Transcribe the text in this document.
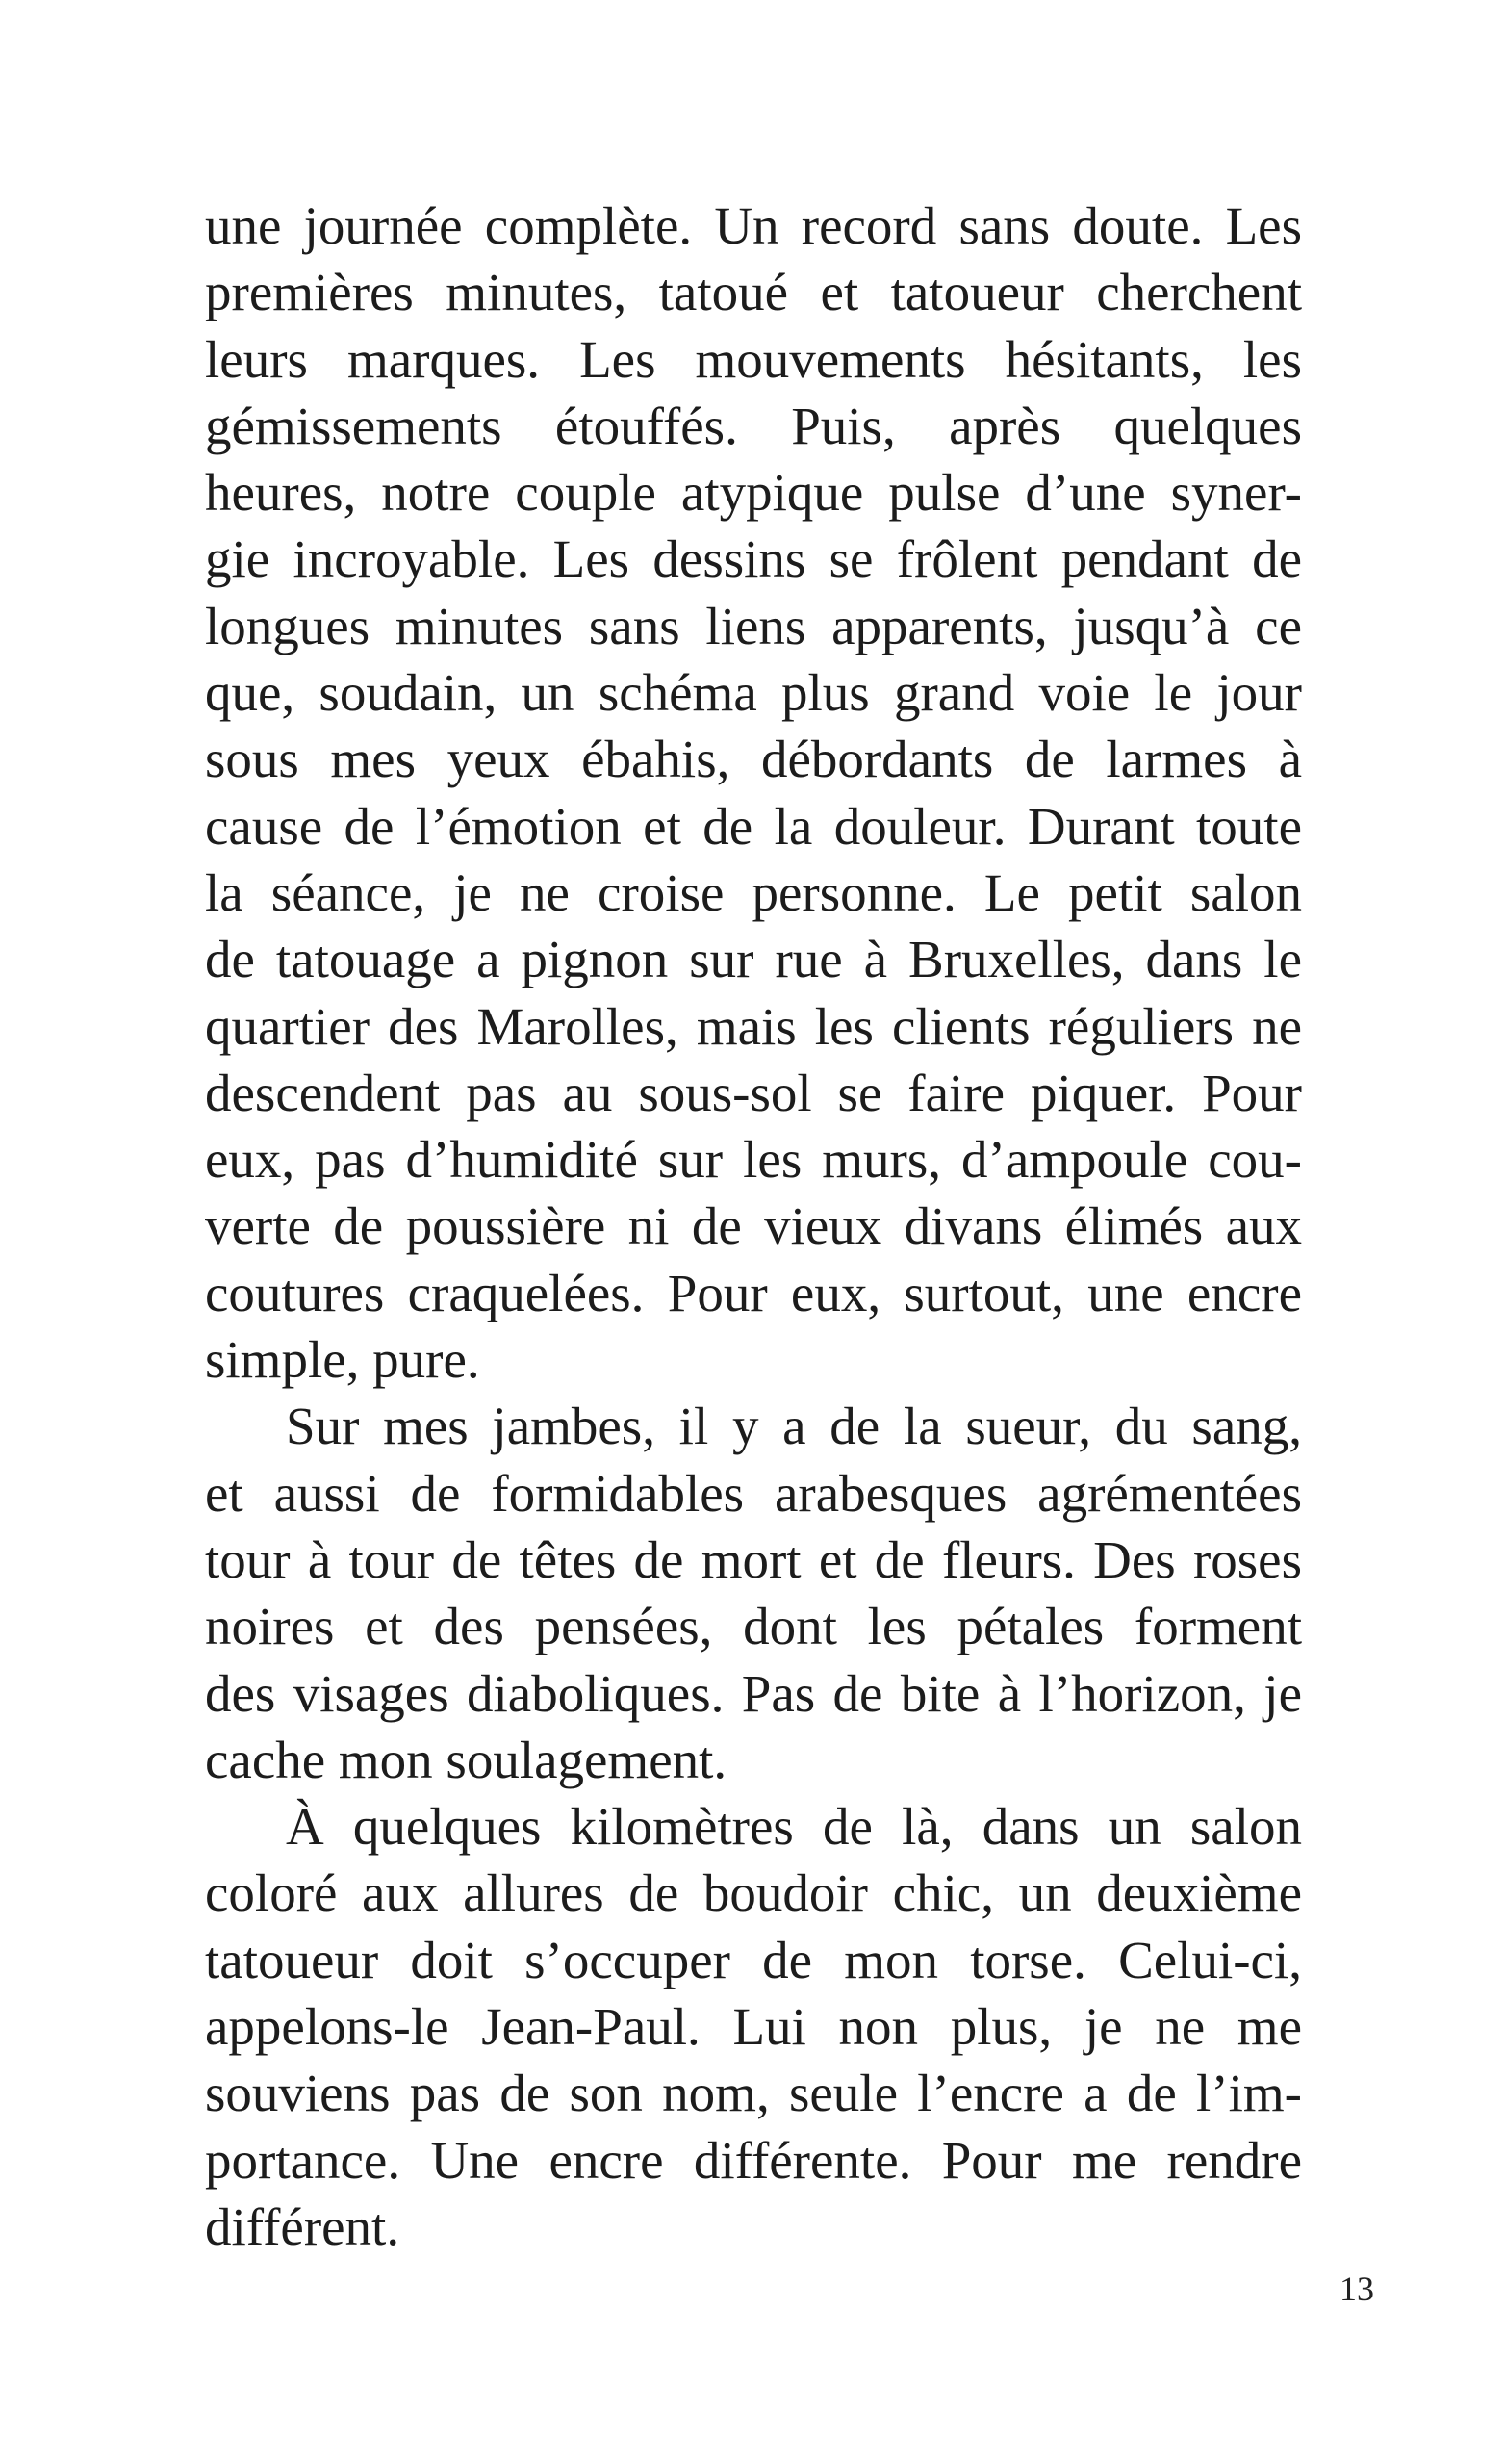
une journée complète. Un record sans doute. Les
premières minutes, tatoué et tatoueur cherchent
leurs marques. Les mouvements hésitants, les
gémissements étouffés. Puis, après quelques
heures, notre couple atypique pulse d’une syner-
gie incroyable. Les dessins se frôlent pendant de
longues minutes sans liens apparents, jusqu’à ce
que, soudain, un schéma plus grand voie le jour
sous mes yeux ébahis, débordants de larmes à
cause de l’émotion et de la douleur. Durant toute
la séance, je ne croise personne. Le petit salon
de tatouage a pignon sur rue à Bruxelles, dans le
quartier des Marolles, mais les clients réguliers ne
descendent pas au sous-sol se faire piquer. Pour
eux, pas d’humidité sur les murs, d’ampoule cou-
verte de poussière ni de vieux divans élimés aux
coutures craquelées. Pour eux, surtout, une encre
simple, pure.
Sur mes jambes, il y a de la sueur, du sang,
et aussi de formidables arabesques agrémentées
tour à tour de têtes de mort et de fleurs. Des roses
noires et des pensées, dont les pétales forment
des visages diaboliques. Pas de bite à l’horizon, je
cache mon soulagement.
À quelques kilomètres de là, dans un salon
coloré aux allures de boudoir chic, un deuxième
tatoueur doit s’occuper de mon torse. Celui-ci,
appelons-le Jean-Paul. Lui non plus, je ne me
souviens pas de son nom, seule l’encre a de l’im-
portance. Une encre différente. Pour me rendre
différent.
13
